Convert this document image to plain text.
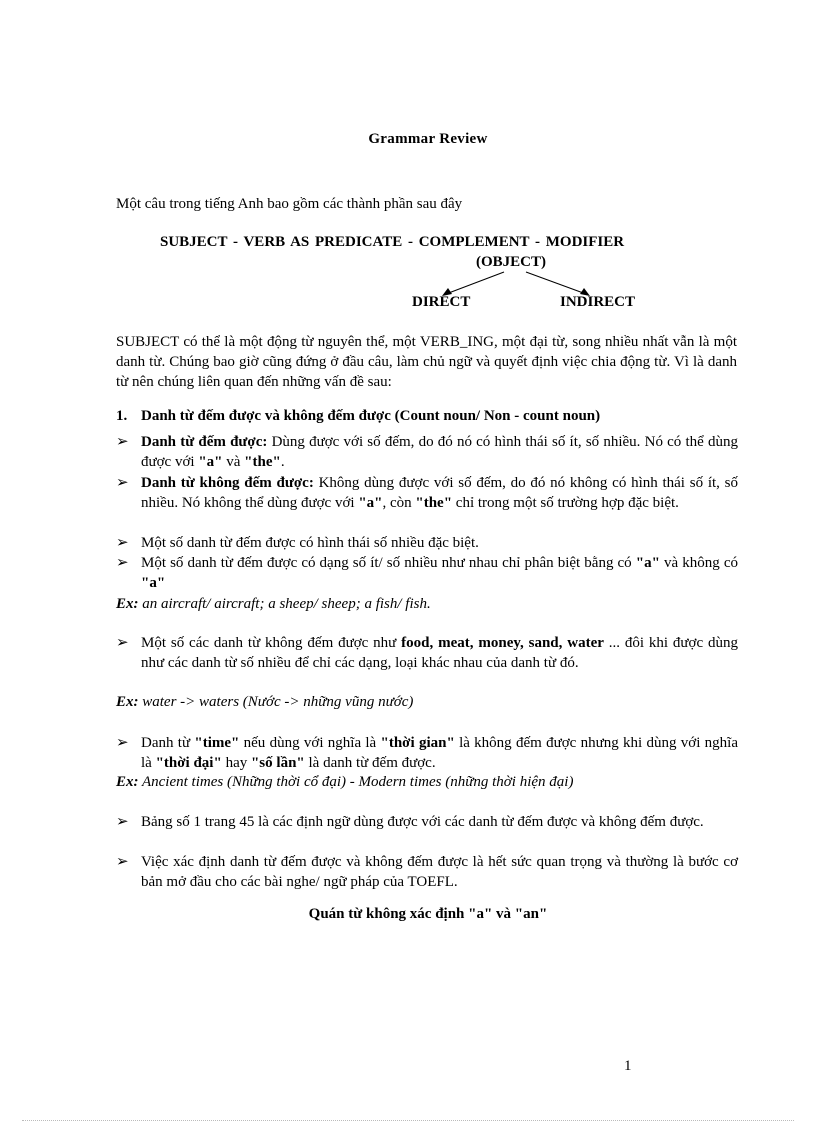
Grammar Review
Một câu trong tiếng Anh bao gồm các thành phần sau đây
SUBJECT - VERB AS PREDICATE - COMPLEMENT - MODIFIER
(OBJECT)
DIRECT	INDIRECT
SUBJECT có thể là một động từ nguyên thể, một VERB_ING, một đại từ, song nhiều nhất vẫn là một danh từ. Chúng bao giờ cũng đứng ở đầu câu, làm chủ ngữ và quyết định việc chia động từ. Vì là danh từ nên chúng liên quan đến những vấn đề sau:
1. Danh từ đếm được và không đếm được (Count noun/ Non - count noun)
➢ Danh từ đếm được: Dùng được với số đếm, do đó nó có hình thái số ít, số nhiều. Nó có thể dùng được với "a" và "the".
➢ Danh từ không đếm được: Không dùng được với số đếm, do đó nó không có hình thái số ít, số nhiều. Nó không thể dùng được với "a", còn "the" chỉ trong một số trường hợp đặc biệt.
➢ Một số danh từ đếm được có hình thái số nhiều đặc biệt.
➢ Một số danh từ đếm được có dạng số ít/ số nhiều như nhau chỉ phân biệt bằng có "a" và không có "a"
Ex: an aircraft/ aircraft; a sheep/ sheep; a fish/ fish.
➢ Một số các danh từ không đếm được như food, meat, money, sand, water ... đôi khi được dùng như các danh từ số nhiều để chỉ các dạng, loại khác nhau của danh từ đó.
Ex: water -> waters (Nước -> những vũng nước)
➢ Danh từ "time" nếu dùng với nghĩa là "thời gian" là không đếm được nhưng khi dùng với nghĩa là "thời đại" hay "số lần" là danh từ đếm được.
Ex: Ancient times (Những thời cổ đại) - Modern times (những thời hiện đại)
➢ Bảng số 1 trang 45 là các định ngữ dùng được với các danh từ đếm được và không đếm được.
➢ Việc xác định danh từ đếm được và không đếm được là hết sức quan trọng và thường là bước cơ bản mở đầu cho các bài nghe/ ngữ pháp của TOEFL.
Quán từ không xác định "a" và "an"
1
